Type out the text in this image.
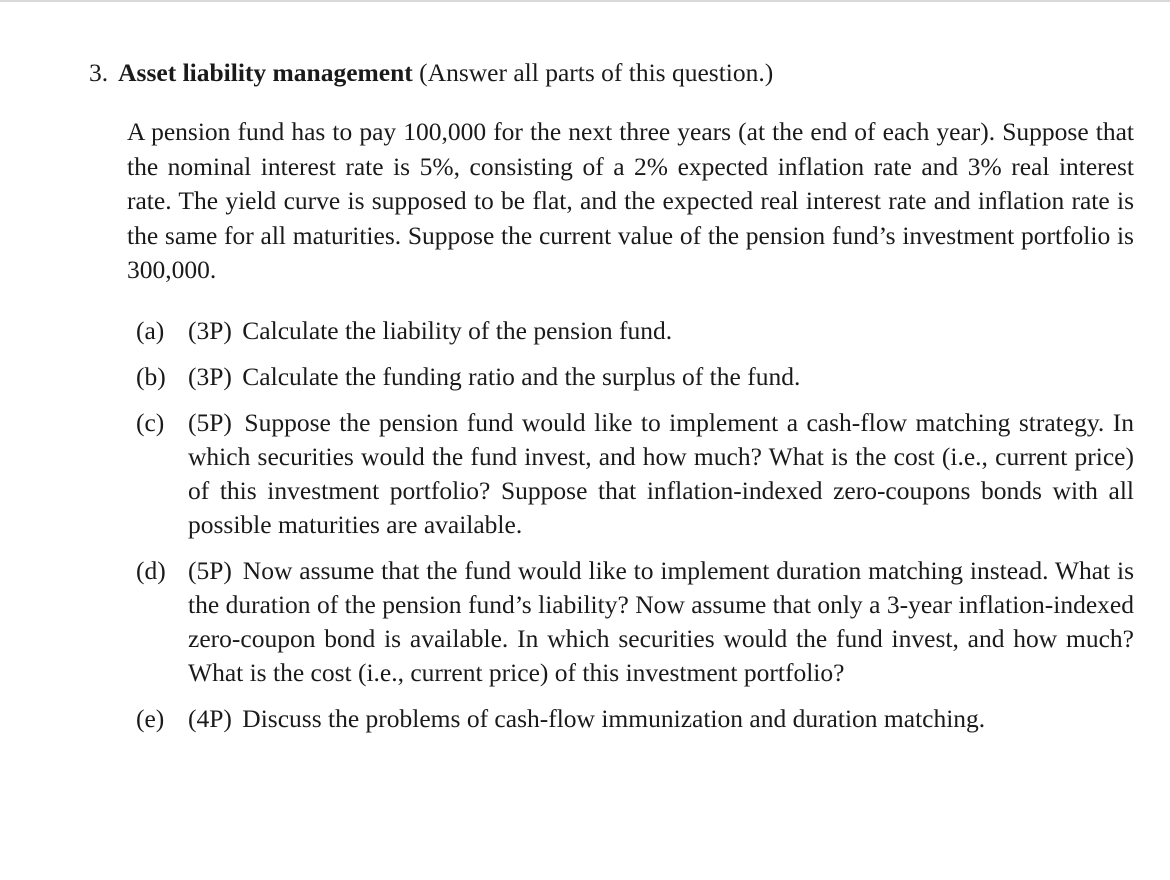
3. Asset liability management (Answer all parts of this question.)
A pension fund has to pay 100,000 for the next three years (at the end of each year). Suppose that the nominal interest rate is 5%, consisting of a 2% expected inflation rate and 3% real interest rate. The yield curve is supposed to be flat, and the expected real interest rate and inflation rate is the same for all maturities. Suppose the current value of the pension fund’s investment portfolio is 300,000.
(a) (3P) Calculate the liability of the pension fund.
(b) (3P) Calculate the funding ratio and the surplus of the fund.
(c) (5P) Suppose the pension fund would like to implement a cash-flow matching strategy. In which securities would the fund invest, and how much? What is the cost (i.e., current price) of this investment portfolio? Suppose that inflation-indexed zero-coupons bonds with all possible maturities are available.
(d) (5P) Now assume that the fund would like to implement duration matching instead. What is the duration of the pension fund’s liability? Now assume that only a 3-year inflation-indexed zero-coupon bond is available. In which securities would the fund invest, and how much? What is the cost (i.e., current price) of this investment portfolio?
(e) (4P) Discuss the problems of cash-flow immunization and duration matching.
